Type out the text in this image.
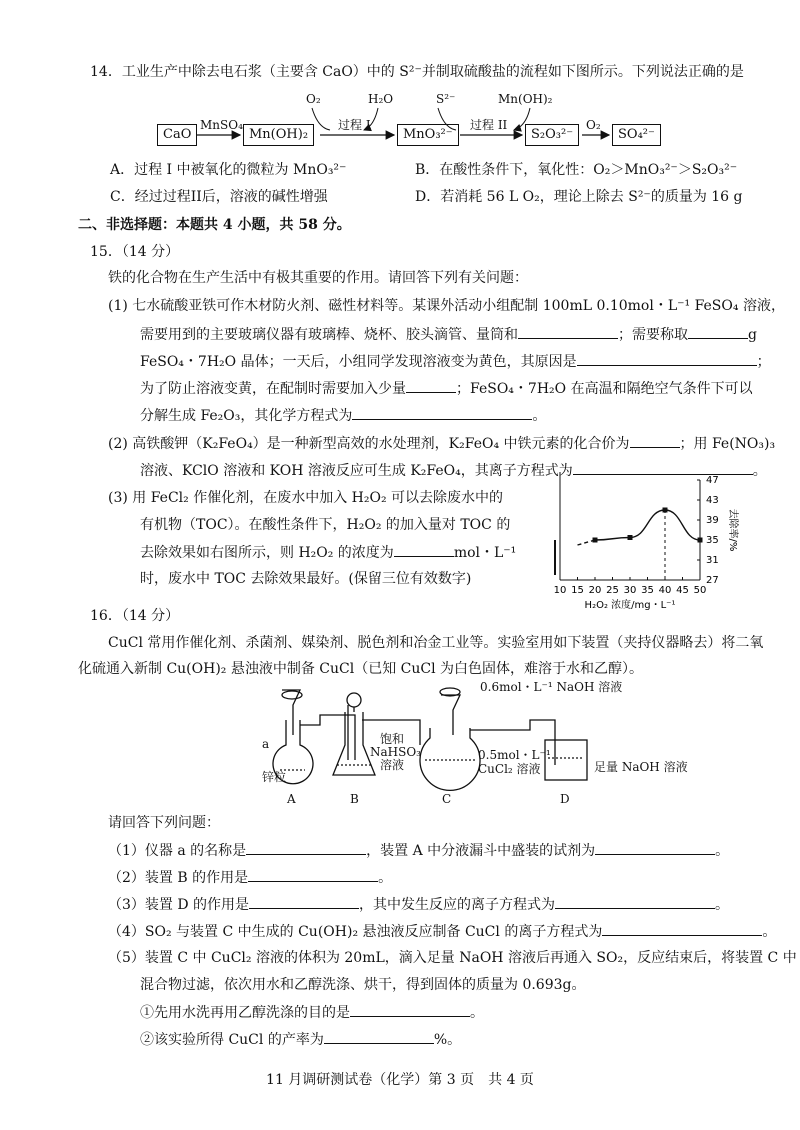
14．工业生产中除去电石浆（主要含 CaO）中的 S²⁻并制取硫酸盐的流程如下图所示。下列说法正确的是
CaO	Mn(OH)₂	MnO₃²⁻	S₂O₃²⁻	SO₄²⁻
MnSO₄
O₂	H₂O
过程 I
S²⁻	Mn(OH)₂
过程 II	O₂
A．过程 I 中被氧化的微粒为 MnO₃²⁻	B．在酸性条件下，氧化性：O₂＞MnO₃²⁻＞S₂O₃²⁻
C．经过过程II后，溶液的碱性增强	D．若消耗 56 L O₂，理论上除去 S²⁻的质量为 16 g
二、非选择题：本题共 4 小题，共 58 分。
15．（14 分）
铁的化合物在生产生活中有极其重要的作用。请回答下列有关问题：
(1) 七水硫酸亚铁可作木材防火剂、磁性材料等。某课外活动小组配制 100mL 0.10mol・L⁻¹ FeSO₄ 溶液，
需要用到的主要玻璃仪器有玻璃棒、烧杯、胶头滴管、量筒和	；需要称取	g
FeSO₄・7H₂O 晶体；一天后，小组同学发现溶液变为黄色，其原因是	；
为了防止溶液变黄，在配制时需要加入少量	；FeSO₄・7H₂O 在高温和隔绝空气条件下可以
分解生成 Fe₂O₃，其化学方程式为	。
(2) 高铁酸钾（K₂FeO₄）是一种新型高效的水处理剂，K₂FeO₄ 中铁元素的化合价为	；用 Fe(NO₃)₃
溶液、KClO 溶液和 KOH 溶液反应可生成 K₂FeO₄，其离子方程式为	。
(3) 用 FeCl₂ 作催化剂，在废水中加入 H₂O₂ 可以去除废水中的
有机物（TOC）。在酸性条件下，H₂O₂ 的加入量对 TOC 的
去除效果如右图所示，则 H₂O₂ 的浓度为	mol・L⁻¹
时，废水中 TOC 去除效果最好。(保留三位有效数字)
10 15 20 25 30 35 40 45 50
27
31
35
39
43
47
H₂O₂ 浓度/mg・L⁻¹
去除率/%
16．（14 分）
CuCl 常用作催化剂、杀菌剂、媒染剂、脱色剂和冶金工业等。实验室用如下装置（夹持仪器略去）将二氧
化硫通入新制 Cu(OH)₂ 悬浊液中制备 CuCl（已知 CuCl 为白色固体，难溶于水和乙醇）。
0.6mol・L⁻¹ NaOH 溶液
a
锌粒
饱和
NaHSO₃
溶液
0.5mol・L⁻¹
CuCl₂ 溶液	足量 NaOH 溶液
A	B	C	D
请回答下列问题：
（1）仪器 a 的名称是	，装置 A 中分液漏斗中盛装的试剂为	。
（2）装置 B 的作用是	。
（3）装置 D 的作用是	，其中发生反应的离子方程式为	。
（4）SO₂ 与装置 C 中生成的 Cu(OH)₂ 悬浊液反应制备 CuCl 的离子方程式为	。
（5）装置 C 中 CuCl₂ 溶液的体积为 20mL，滴入足量 NaOH 溶液后再通入 SO₂，反应结束后，将装置 C 中
混合物过滤，依次用水和乙醇洗涤、烘干，得到固体的质量为 0.693g。
①先用水洗再用乙醇洗涤的目的是	。
②该实验所得 CuCl 的产率为	%。
11 月调研测试卷（化学）第 3 页　共 4 页
